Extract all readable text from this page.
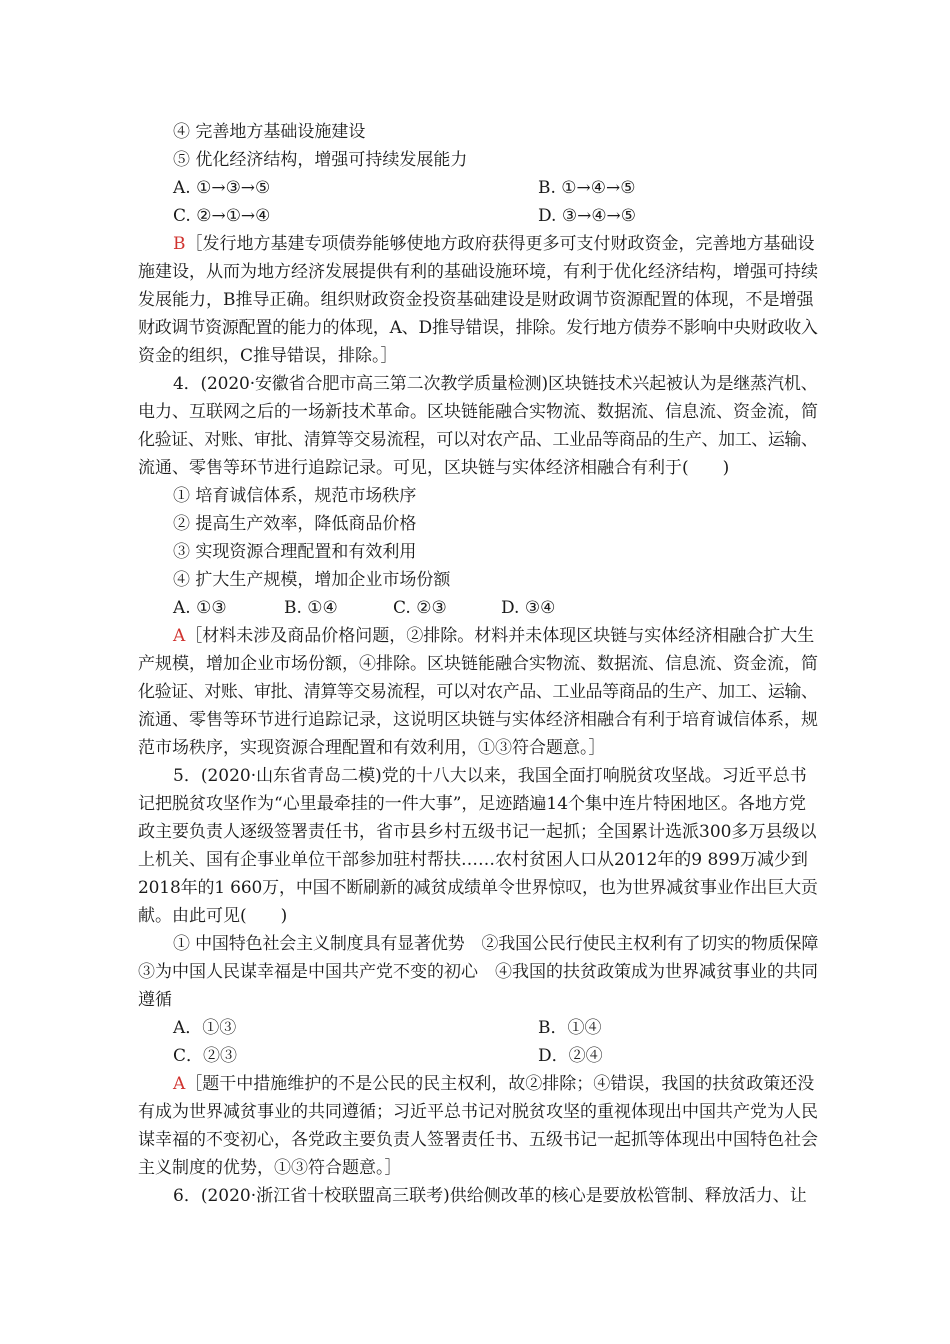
④ 完善地方基础设施建设
⑤ 优化经济结构，增强可持续发展能力
A. ①→③→⑤	B. ①→④→⑤
C. ②→①→④	D. ③→④→⑤
B［发行地方基建专项债券能够使地方政府获得更多可支付财政资金，完善地方基础设
施建设，从而为地方经济发展提供有利的基础设施环境，有利于优化经济结构，增强可持续
发展能力，B推导正确。组织财政资金投资基础建设是财政调节资源配置的体现，不是增强
财政调节资源配置的能力的体现，A、D推导错误，排除。发行地方债券不影响中央财政收入
资金的组织，C推导错误，排除。］
4．(2020·安徽省合肥市高三第二次教学质量检测)区块链技术兴起被认为是继蒸汽机、
电力、互联网之后的一场新技术革命。区块链能融合实物流、数据流、信息流、资金流，简
化验证、对账、审批、清算等交易流程，可以对农产品、工业品等商品的生产、加工、运输、
流通、零售等环节进行追踪记录。可见，区块链与实体经济相融合有利于(　　)
① 培育诚信体系，规范市场秩序
② 提高生产效率，降低商品价格
③ 实现资源合理配置和有效利用
④ 扩大生产规模，增加企业市场份额
A. ①③	B. ①④	C. ②③	D. ③④
A［材料未涉及商品价格问题，②排除。材料并未体现区块链与实体经济相融合扩大生
产规模，增加企业市场份额，④排除。区块链能融合实物流、数据流、信息流、资金流，简
化验证、对账、审批、清算等交易流程，可以对农产品、工业品等商品的生产、加工、运输、
流通、零售等环节进行追踪记录，这说明区块链与实体经济相融合有利于培育诚信体系，规
范市场秩序，实现资源合理配置和有效利用，①③符合题意。］
5．(2020·山东省青岛二模)党的十八大以来，我国全面打响脱贫攻坚战。习近平总书
记把脱贫攻坚作为“心里最牵挂的一件大事”，足迹踏遍14个集中连片特困地区。各地方党
政主要负责人逐级签署责任书，省市县乡村五级书记一起抓；全国累计选派300多万县级以
上机关、国有企事业单位干部参加驻村帮扶……农村贫困人口从2012年的9 899万减少到
2018年的1 660万，中国不断刷新的减贫成绩单令世界惊叹，也为世界减贫事业作出巨大贡
献。由此可见(　　)
① 中国特色社会主义制度具有显著优势　②我国公民行使民主权利有了切实的物质保障
③为中国人民谋幸福是中国共产党不变的初心　④我国的扶贫政策成为世界减贫事业的共同
遵循
A．①③	B．①④
C．②③	D．②④
A［题干中措施维护的不是公民的民主权利，故②排除；④错误，我国的扶贫政策还没
有成为世界减贫事业的共同遵循；习近平总书记对脱贫攻坚的重视体现出中国共产党为人民
谋幸福的不变初心，各党政主要负责人签署责任书、五级书记一起抓等体现出中国特色社会
主义制度的优势，①③符合题意。］
6．(2020·浙江省十校联盟高三联考)供给侧改革的核心是要放松管制、释放活力、让
